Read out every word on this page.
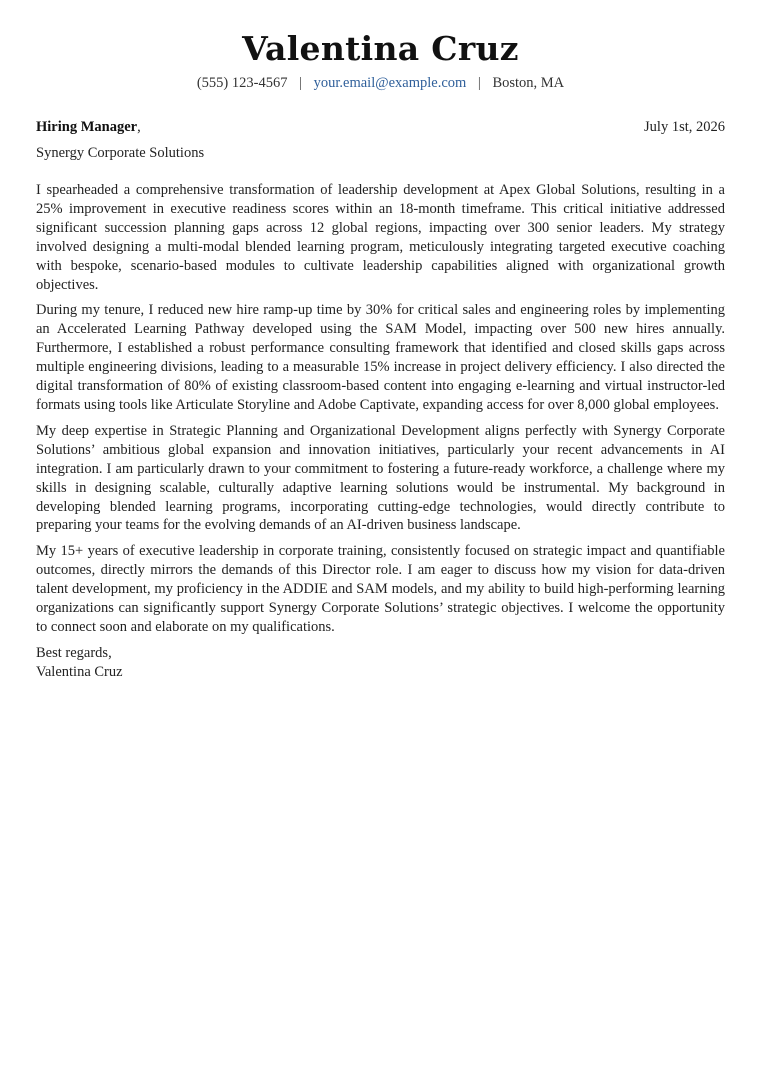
Valentina Cruz
(555) 123-4567 | your.email@example.com | Boston, MA
Hiring Manager,	July 1st, 2026
Synergy Corporate Solutions

I spearheaded a comprehensive transformation of leadership development at Apex Global Solutions, resulting in a 25% improvement in executive readiness scores within an 18-month timeframe. This critical initiative addressed significant succession planning gaps across 12 global regions, impacting over 300 senior leaders. My strategy involved designing a multi-modal blended learning program, meticulously integrating targeted executive coaching with bespoke, scenario-based modules to cultivate leadership capabilities aligned with organizational growth objectives.

During my tenure, I reduced new hire ramp-up time by 30% for critical sales and engineering roles by implementing an Accelerated Learning Pathway developed using the SAM Model, impacting over 500 new hires annually. Furthermore, I established a robust performance consulting framework that identified and closed skills gaps across multiple engineering divisions, leading to a measurable 15% increase in project delivery efficiency. I also directed the digital transformation of 80% of existing classroom-based content into engaging e-learning and virtual instructor-led formats using tools like Articulate Storyline and Adobe Captivate, expanding access for over 8,000 global employees.

My deep expertise in Strategic Planning and Organizational Development aligns perfectly with Synergy Corporate Solutions’ ambitious global expansion and innovation initiatives, particularly your recent advancements in AI integration. I am particularly drawn to your commitment to fostering a future-ready workforce, a challenge where my skills in designing scalable, culturally adaptive learning solutions would be instrumental. My background in developing blended learning programs, incorporating cutting-edge technologies, would directly contribute to preparing your teams for the evolving demands of an AI-driven business landscape.

My 15+ years of executive leadership in corporate training, consistently focused on strategic impact and quantifiable outcomes, directly mirrors the demands of this Director role. I am eager to discuss how my vision for data-driven talent development, my proficiency in the ADDIE and SAM models, and my ability to build high-performing learning organizations can significantly support Synergy Corporate Solutions’ strategic objectives. I welcome the opportunity to connect soon and elaborate on my qualifications.

Best regards,
Valentina Cruz
